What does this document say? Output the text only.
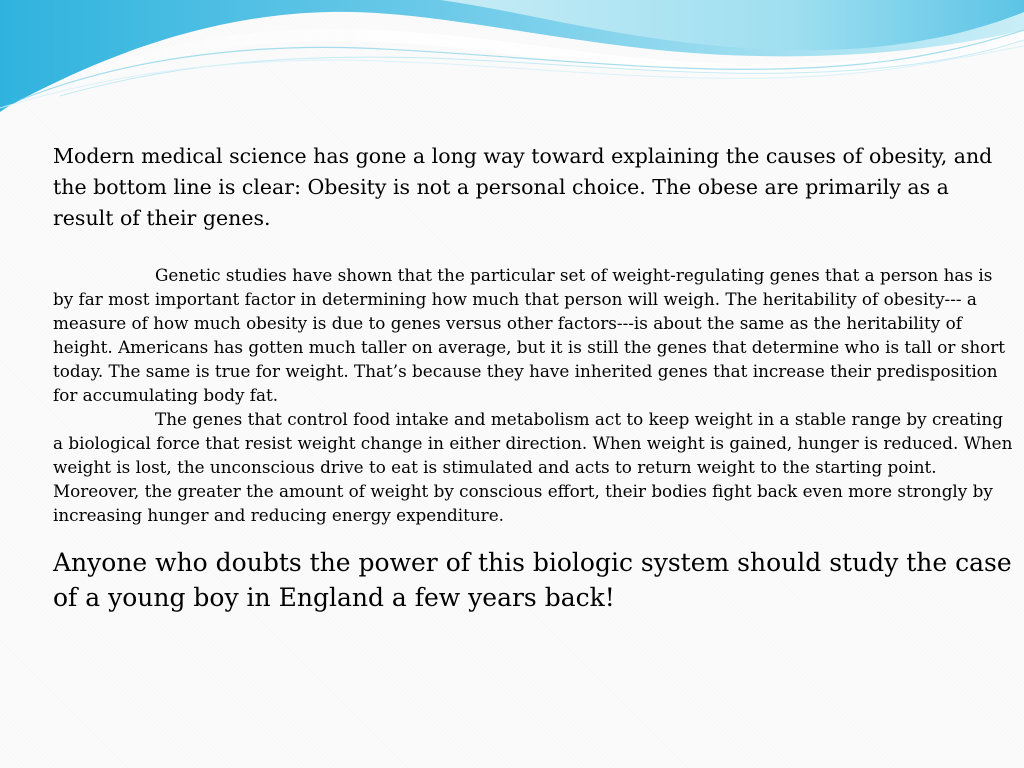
Modern medical science has gone a long way toward explaining the causes of obesity, and the bottom line is clear: Obesity is not a personal choice. The obese are primarily as a result of their genes.

Genetic studies have shown that the particular set of weight-regulating genes that a person has is by far most important factor in determining how much that person will weigh. The heritability of obesity--- a measure of how much obesity is due to genes versus other factors---is about the same as the heritability of height. Americans has gotten much taller on average, but it is still the genes that determine who is tall or short today. The same is true for weight. That’s because they have inherited genes that increase their predisposition for accumulating body fat.

The genes that control food intake and metabolism act to keep weight in a stable range by creating a biological force that resist weight change in either direction. When weight is gained, hunger is reduced. When weight is lost, the unconscious drive to eat is stimulated and acts to return weight to the starting point. Moreover, the greater the amount of weight by conscious effort, their bodies fight back even more strongly by increasing hunger and reducing energy expenditure.

Anyone who doubts the power of this biologic system should study the case of a young boy in England a few years back!
